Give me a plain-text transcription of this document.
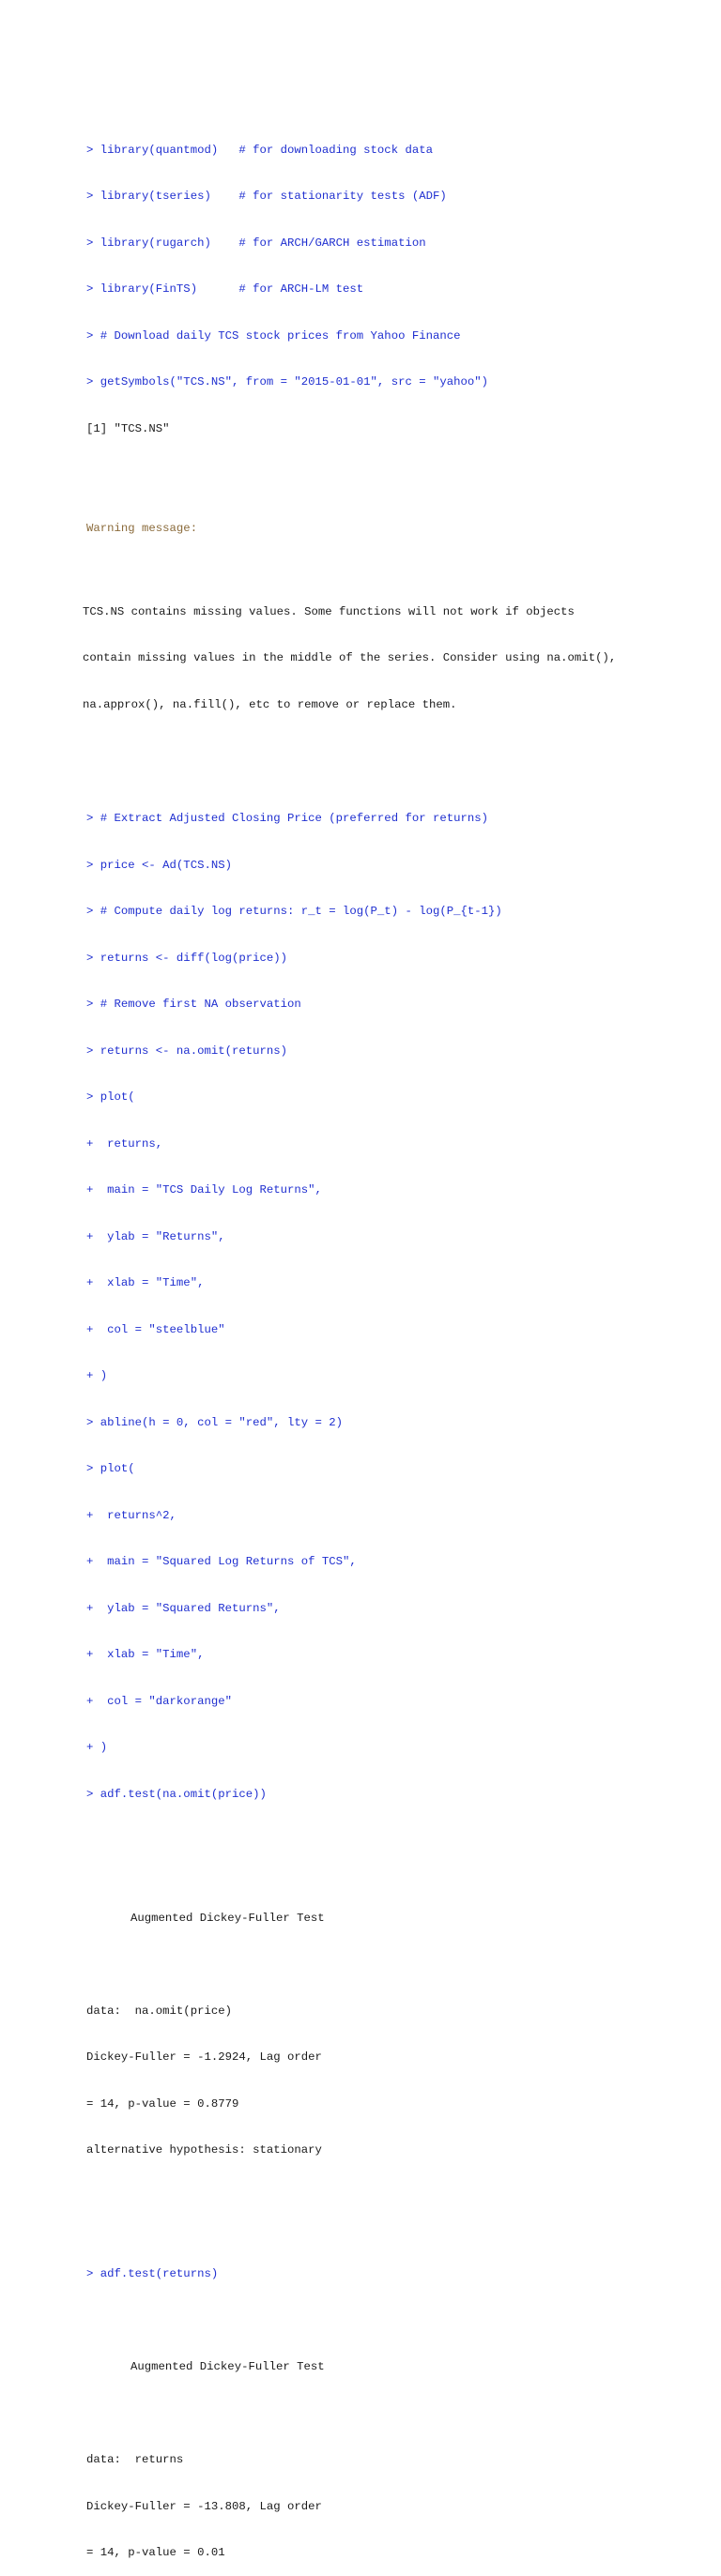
> library(quantmod)   # for downloading stock data

> library(tseries)    # for stationarity tests (ADF)

> library(rugarch)    # for ARCH/GARCH estimation

> library(FinTS)      # for ARCH-LM test

> # Download daily TCS stock prices from Yahoo Finance

> getSymbols("TCS.NS", from = "2015-01-01", src = "yahoo")

[1] "TCS.NS"

Warning message:

TCS.NS contains missing values. Some functions will not work if objects

contain missing values in the middle of the series. Consider using na.omit(),

na.approx(), na.fill(), etc to remove or replace them.

> # Extract Adjusted Closing Price (preferred for returns)

> price <- Ad(TCS.NS)

> # Compute daily log returns: r_t = log(P_t) - log(P_{t-1})

> returns <- diff(log(price))

> # Remove first NA observation

> returns <- na.omit(returns)

> plot(

+  returns,

+  main = "TCS Daily Log Returns",

+  ylab = "Returns",

+  xlab = "Time",

+  col = "steelblue"

+ )

> abline(h = 0, col = "red", lty = 2)

> plot(

+  returns^2,

+  main = "Squared Log Returns of TCS",

+  ylab = "Squared Returns",

+  xlab = "Time",

+  col = "darkorange"

+ )

> adf.test(na.omit(price))

Augmented Dickey-Fuller Test

data:  na.omit(price)

Dickey-Fuller = -1.2924, Lag order

= 14, p-value = 0.8779

alternative hypothesis: stationary

> adf.test(returns)

Augmented Dickey-Fuller Test

data:  returns

Dickey-Fuller = -13.808, Lag order

= 14, p-value = 0.01
